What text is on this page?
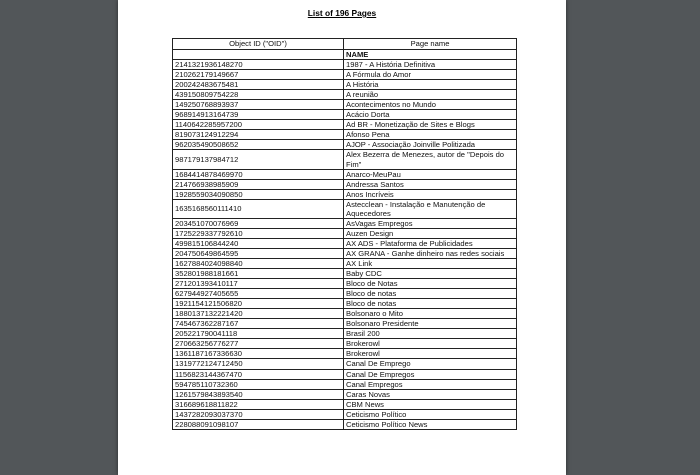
List of 196 Pages
Object ID ("OID")	Page name
	NAME
2141321936148270	1987 - A História Definitiva
210262179149667	A Fórmula do Amor
200242483675481	A História
439150809754228	A reunião
149250768893937	Acontecimentos no Mundo
968914913164739	Acácio Dorta
1140642285957200	Ad BR - Monetização de Sites e Blogs
819073124912294	Afonso Pena
962035490508652	AJOP - Associação Joinville Politizada
987179137984712	Alex Bezerra de Menezes, autor de "Depois do Fim"
1684414878469970	Anarco-MeuPau
214766938985909	Andressa Santos
1928559034090850	Anos Incríveis
1635168560111410	Astecclean - Instalação e Manutenção de Aquecedores
203451070076969	AsVagas Empregos
1725229337792610	Auzen Design
499815106844240	AX ADS - Plataforma de Publicidades
204750649864595	AX GRANA - Ganhe dinheiro nas redes sociais
1627884024098840	AX Link
352801988181661	Baby CDC
271201393410117	Bloco de Notas
627944927405655	Bloco de notas
1921154121506820	Bloco de notas
1880137132221420	Bolsonaro o Mito
745467362287167	Bolsonaro Presidente
205221790041118	Brasil 200
270663256776277	Brokerowl
1361187167336630	Brokerowl
1319772124712450	Canal De Emprego
1156823144367470	Canal De Empregos
594785110732360	Canal Empregos
1261579843893540	Caras Novas
316689618811822	CBM News
1437282093037370	Ceticismo Político
228088091098107	Ceticismo Político News
